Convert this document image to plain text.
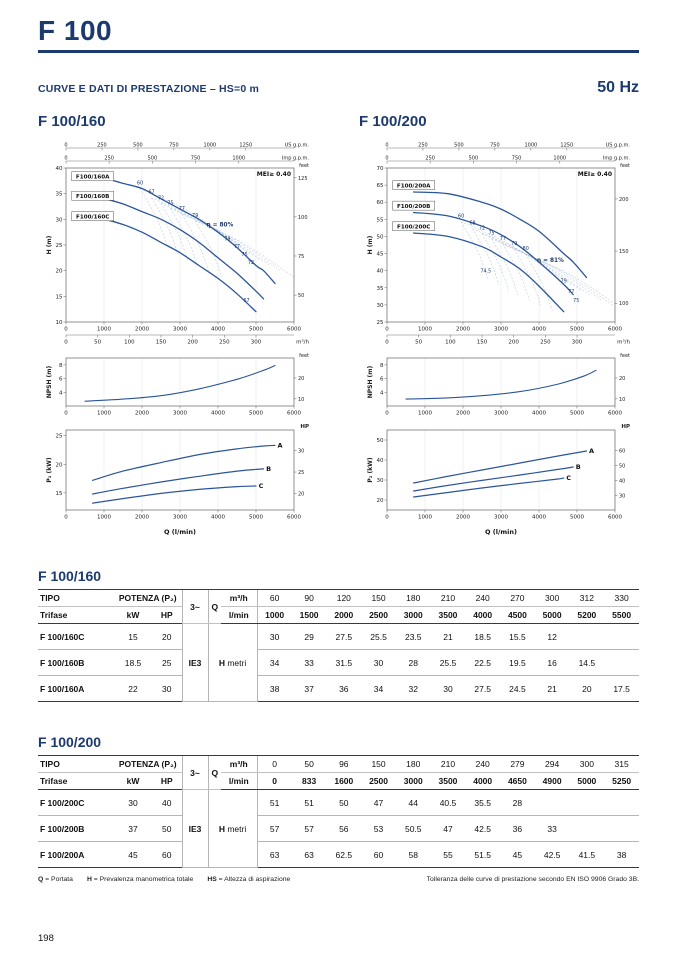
F 100
CURVE E DATI DI PRESTAZIONE – HS=0 m	50 Hz
F 100/160
0	1000	2000	3000	4000	5000	6000
10
15
20
25
30
35
40
H (m)
0	250	500	750	1000	1250	US g.p.m.
0	250	500	750	1000	Imp g.p.m.
50
75
100
125
feet
0	50	100	150	200	250	300	m³/h
F100/160A
F100/160B
F100/160C
60
67
72
75
77
79
η = 80%
79
77
75
72
67
MEI≥ 0.40
0	1000	2000	3000	4000	5000	6000
4
6
8
NPSH (m)
10
20
feet
0	1000	2000	3000	4000	5000	6000
15
20
25
P₂ (kW)
20
25
30
HP
A
B
C
Q (l/min)
F 100/200
0	1000	2000	3000	4000	5000	6000
25
30
35
40
45
50
55
60
65
70
H (m)
0	250	500	750	1000	1250	US g.p.m.
0	250	500	750	1000	Imp g.p.m.
100
150
200
feet
0	50	100	150	200	250	300	m³/h
F100/200A
F100/200B
F100/200C
60
68
72
75
77
79
80
η = 81%
74.5
79
77
75
MEI≥ 0.40
0	1000	2000	3000	4000	5000	6000
4
6
8
NPSH (m)
10
20
feet
0	1000	2000	3000	4000	5000	6000
20
30
40
50
P₂ (kW)
30
40
50
60
HP
A
B
C
Q (l/min)
F 100/160
TIPO	POTENZA (P₂)		3~	Q	m³/h	60	90	120	150	180	210	240	270	300	312	330
Trifase	kW	HP			l/min	1000	1500	2000	2500	3000	3500	4000	4500	5000	5200	5500
F 100/160C	15	20	IE3	H metri		30	29	27.5	25.5	23.5	21	18.5	15.5	12		
F 100/160B	18.5	25				34	33	31.5	30	28	25.5	22.5	19.5	16	14.5	
F 100/160A	22	30				38	37	36	34	32	30	27.5	24.5	21	20	17.5
F 100/200
TIPO	POTENZA (P₂)		3~	Q	m³/h	0	50	96	150	180	210	240	279	294	300	315
Trifase	kW	HP			l/min	0	833	1600	2500	3000	3500	4000	4650	4900	5000	5250
F 100/200C	30	40	IE3	H metri		51	51	50	47	44	40.5	35.5	28			
F 100/200B	37	50				57	57	56	53	50.5	47	42.5	36	33		
F 100/200A	45	60				63	63	62.5	60	58	55	51.5	45	42.5	41.5	38
Q = Portata H = Prevalenza manometrica totale HS = Altezza di aspirazione	Tolleranza delle curve di prestazione secondo EN ISO 9906 Grado 3B.
198
